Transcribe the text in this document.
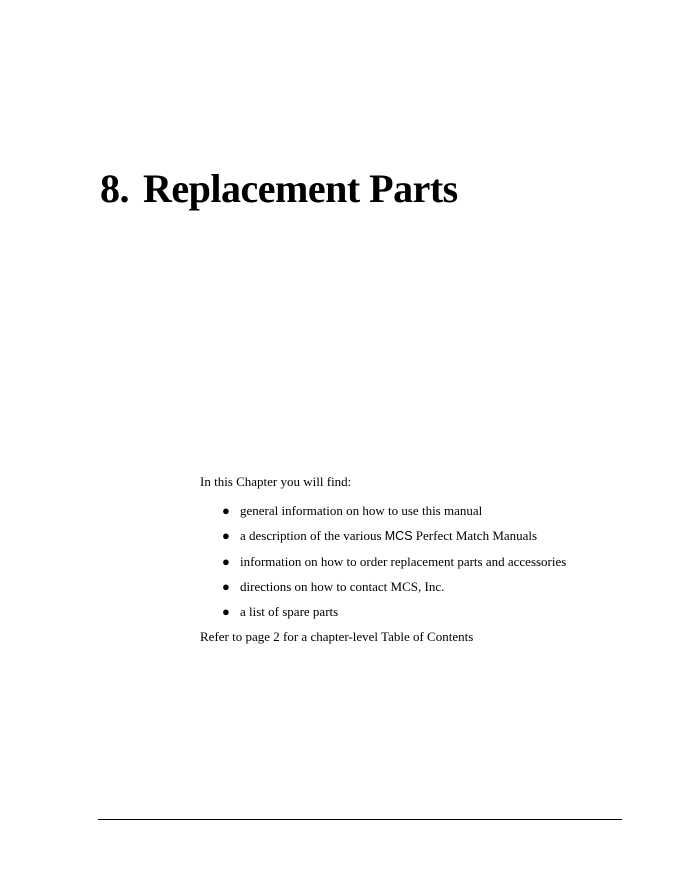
8. Replacement Parts

In this Chapter you will find:

● general information on how to use this manual
● a description of the various MCS Perfect Match Manuals
● information on how to order replacement parts and accessories
● directions on how to contact MCS, Inc.
● a list of spare parts

Refer to page 2 for a chapter-level Table of Contents
